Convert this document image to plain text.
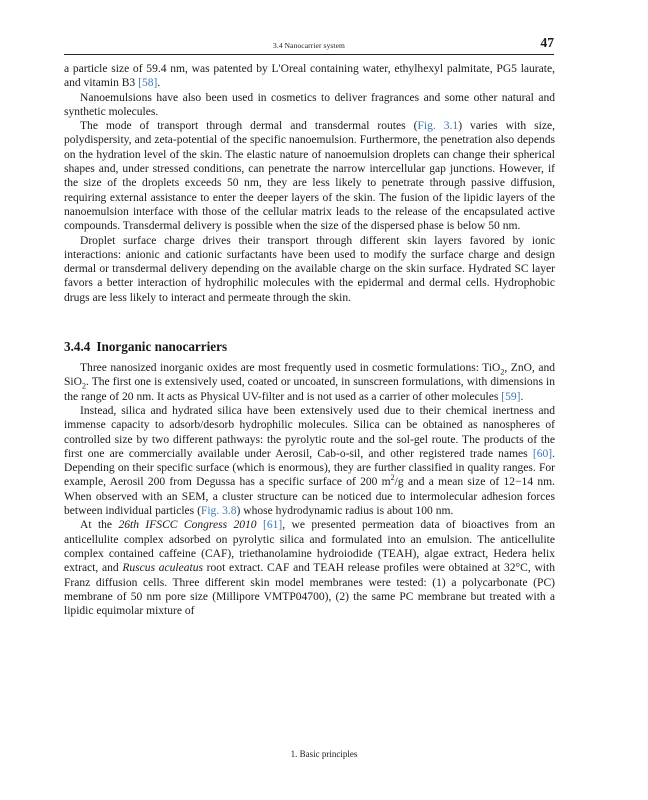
3.4 Nanocarrier system	47

a particle size of 59.4 nm, was patented by L'Oreal containing water, ethylhexyl palmitate, PG5 laurate, and vitamin B3 [58].

Nanoemulsions have also been used in cosmetics to deliver fragrances and some other natural and synthetic molecules.

The mode of transport through dermal and transdermal routes (Fig. 3.1) varies with size, polydispersity, and zeta-potential of the specific nanoemulsion. Furthermore, the penetration also depends on the hydration level of the skin. The elastic nature of nanoemulsion droplets can change their spherical shapes and, under stressed conditions, can penetrate the narrow intercellular gap junctions. However, if the size of the droplets exceeds 50 nm, they are less likely to penetrate through passive diffusion, requiring external assistance to enter the deeper layers of the skin. The fusion of the lipidic layers of the nanoemulsion interface with those of the cellular matrix leads to the release of the encapsulated active compounds. Transdermal delivery is possible when the size of the dispersed phase is below 50 nm.

Droplet surface charge drives their transport through different skin layers favored by ionic interactions: anionic and cationic surfactants have been used to modify the surface charge and design dermal or transdermal delivery depending on the available charge on the skin surface. Hydrated SC layer favors a better interaction of hydrophilic molecules with the epidermal and dermal cells. Hydrophobic drugs are less likely to interact and permeate through the skin.

3.4.4 Inorganic nanocarriers

Three nanosized inorganic oxides are most frequently used in cosmetic formulations: TiO$_2$, ZnO, and SiO$_2$. The first one is extensively used, coated or uncoated, in sunscreen formulations, with dimensions in the range of 20 nm. It acts as Physical UV-filter and is not used as a carrier of other molecules [59].

Instead, silica and hydrated silica have been extensively used due to their chemical inertness and immense capacity to adsorb/desorb hydrophilic molecules. Silica can be obtained as nanospheres of controlled size by two different pathways: the pyrolytic route and the sol-gel route. The products of the first one are commercially available under Aerosil, Cab-o-sil, and other registered trade names [60]. Depending on their specific surface (which is enormous), they are further classified in quality ranges. For example, Aerosil 200 from Degussa has a specific surface of 200 $m^2/g$ and a mean size of 12−14 nm. When observed with an SEM, a cluster structure can be noticed due to intermolecular adhesion forces between individual particles (Fig. 3.8) whose hydrodynamic radius is about 100 nm.

At the 26th IFSCC Congress 2010 [61], we presented permeation data of bioactives from an anticellulite complex adsorbed on pyrolytic silica and formulated into an emulsion. The anticellulite complex contained caffeine (CAF), triethanolamine hydroiodide (TEAH), algae extract, Hedera helix extract, and Ruscus aculeatus root extract. CAF and TEAH release profiles were obtained at 32°C, with Franz diffusion cells. Three different skin model membranes were tested: (1) a polycarbonate (PC) membrane of 50 nm pore size (Millipore VMTP04700), (2) the same PC membrane but treated with a lipidic equimolar mixture of

1. Basic principles
